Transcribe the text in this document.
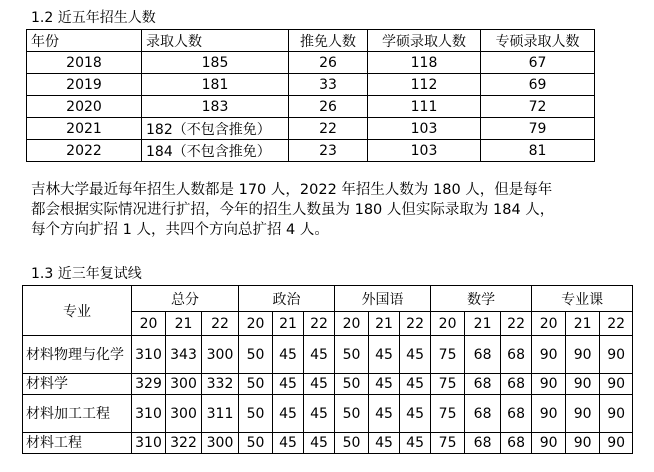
1.2 近五年招生人数
年份	录取人数	推免人数	学硕录取人数	专硕录取人数
2018	185	26	118	67
2019	181	33	112	69
2020	183	26	111	72
2021	182（不包含推免）	22	103	79
2022	184（不包含推免）	23	103	81
吉林大学最近每年招生人数都是 170 人，2022 年招生人数为 180 人，但是每年
都会根据实际情况进行扩招，今年的招生人数虽为 180 人但实际录取为 184 人，
每个方向扩招 1 人，共四个方向总扩招 4 人。
1.3 近三年复试线
专业	总分			政治			外国语			数学			专业课		
	20	21	22	20	21	22	20	21	22	20	21	22	20	21	22
材料物理与化学	310	343	300	50	45	45	50	45	45	75	68	68	90	90	90
材料学	329	300	332	50	45	45	50	45	45	75	68	68	90	90	90
材料加工工程	310	300	311	50	45	45	50	45	45	75	68	68	90	90	90
材料工程	310	322	300	50	45	45	50	45	45	75	68	68	90	90	90
